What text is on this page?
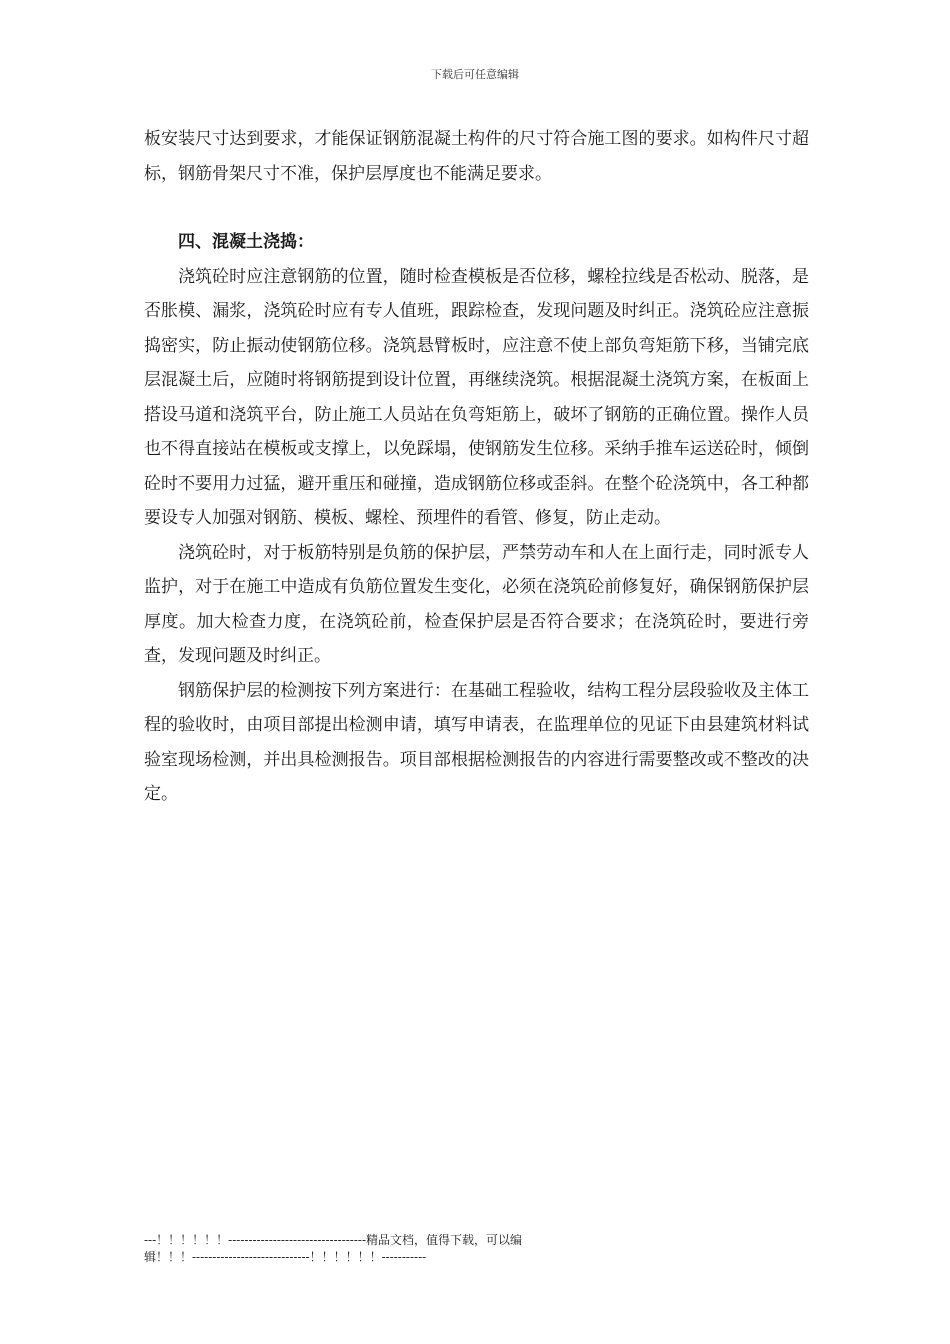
下载后可任意编辑

板安装尺寸达到要求，才能保证钢筋混凝土构件的尺寸符合施工图的要求。如构件尺寸超标，钢筋骨架尺寸不准，保护层厚度也不能满足要求。

四、混凝土浇捣：

浇筑砼时应注意钢筋的位置，随时检查模板是否位移，螺栓拉线是否松动、脱落，是否胀模、漏浆，浇筑砼时应有专人值班，跟踪检查，发现问题及时纠正。浇筑砼应注意振捣密实，防止振动使钢筋位移。浇筑悬臂板时，应注意不使上部负弯矩筋下移，当铺完底层混凝土后，应随时将钢筋提到设计位置，再继续浇筑。根据混凝土浇筑方案，在板面上搭设马道和浇筑平台，防止施工人员站在负弯矩筋上，破坏了钢筋的正确位置。操作人员也不得直接站在模板或支撑上，以免踩塌，使钢筋发生位移。采纳手推车运送砼时，倾倒砼时不要用力过猛，避开重压和碰撞，造成钢筋位移或歪斜。在整个砼浇筑中，各工种都要设专人加强对钢筋、模板、螺栓、预埋件的看管、修复，防止走动。

浇筑砼时，对于板筋特别是负筋的保护层，严禁劳动车和人在上面行走，同时派专人监护，对于在施工中造成有负筋位置发生变化，必须在浇筑砼前修复好，确保钢筋保护层厚度。加大检查力度，在浇筑砼前，检查保护层是否符合要求；在浇筑砼时，要进行旁查，发现问题及时纠正。

钢筋保护层的检测按下列方案进行：在基础工程验收，结构工程分层段验收及主体工程的验收时，由项目部提出检测申请，填写申请表，在监理单位的见证下由县建筑材料试验室现场检测，并出具检测报告。项目部根据检测报告的内容进行需要整改或不整改的决定。

---！！！！！！----------------------------------精品文档，值得下载，可以编
辑！！！-----------------------------！！！！！！-----------
